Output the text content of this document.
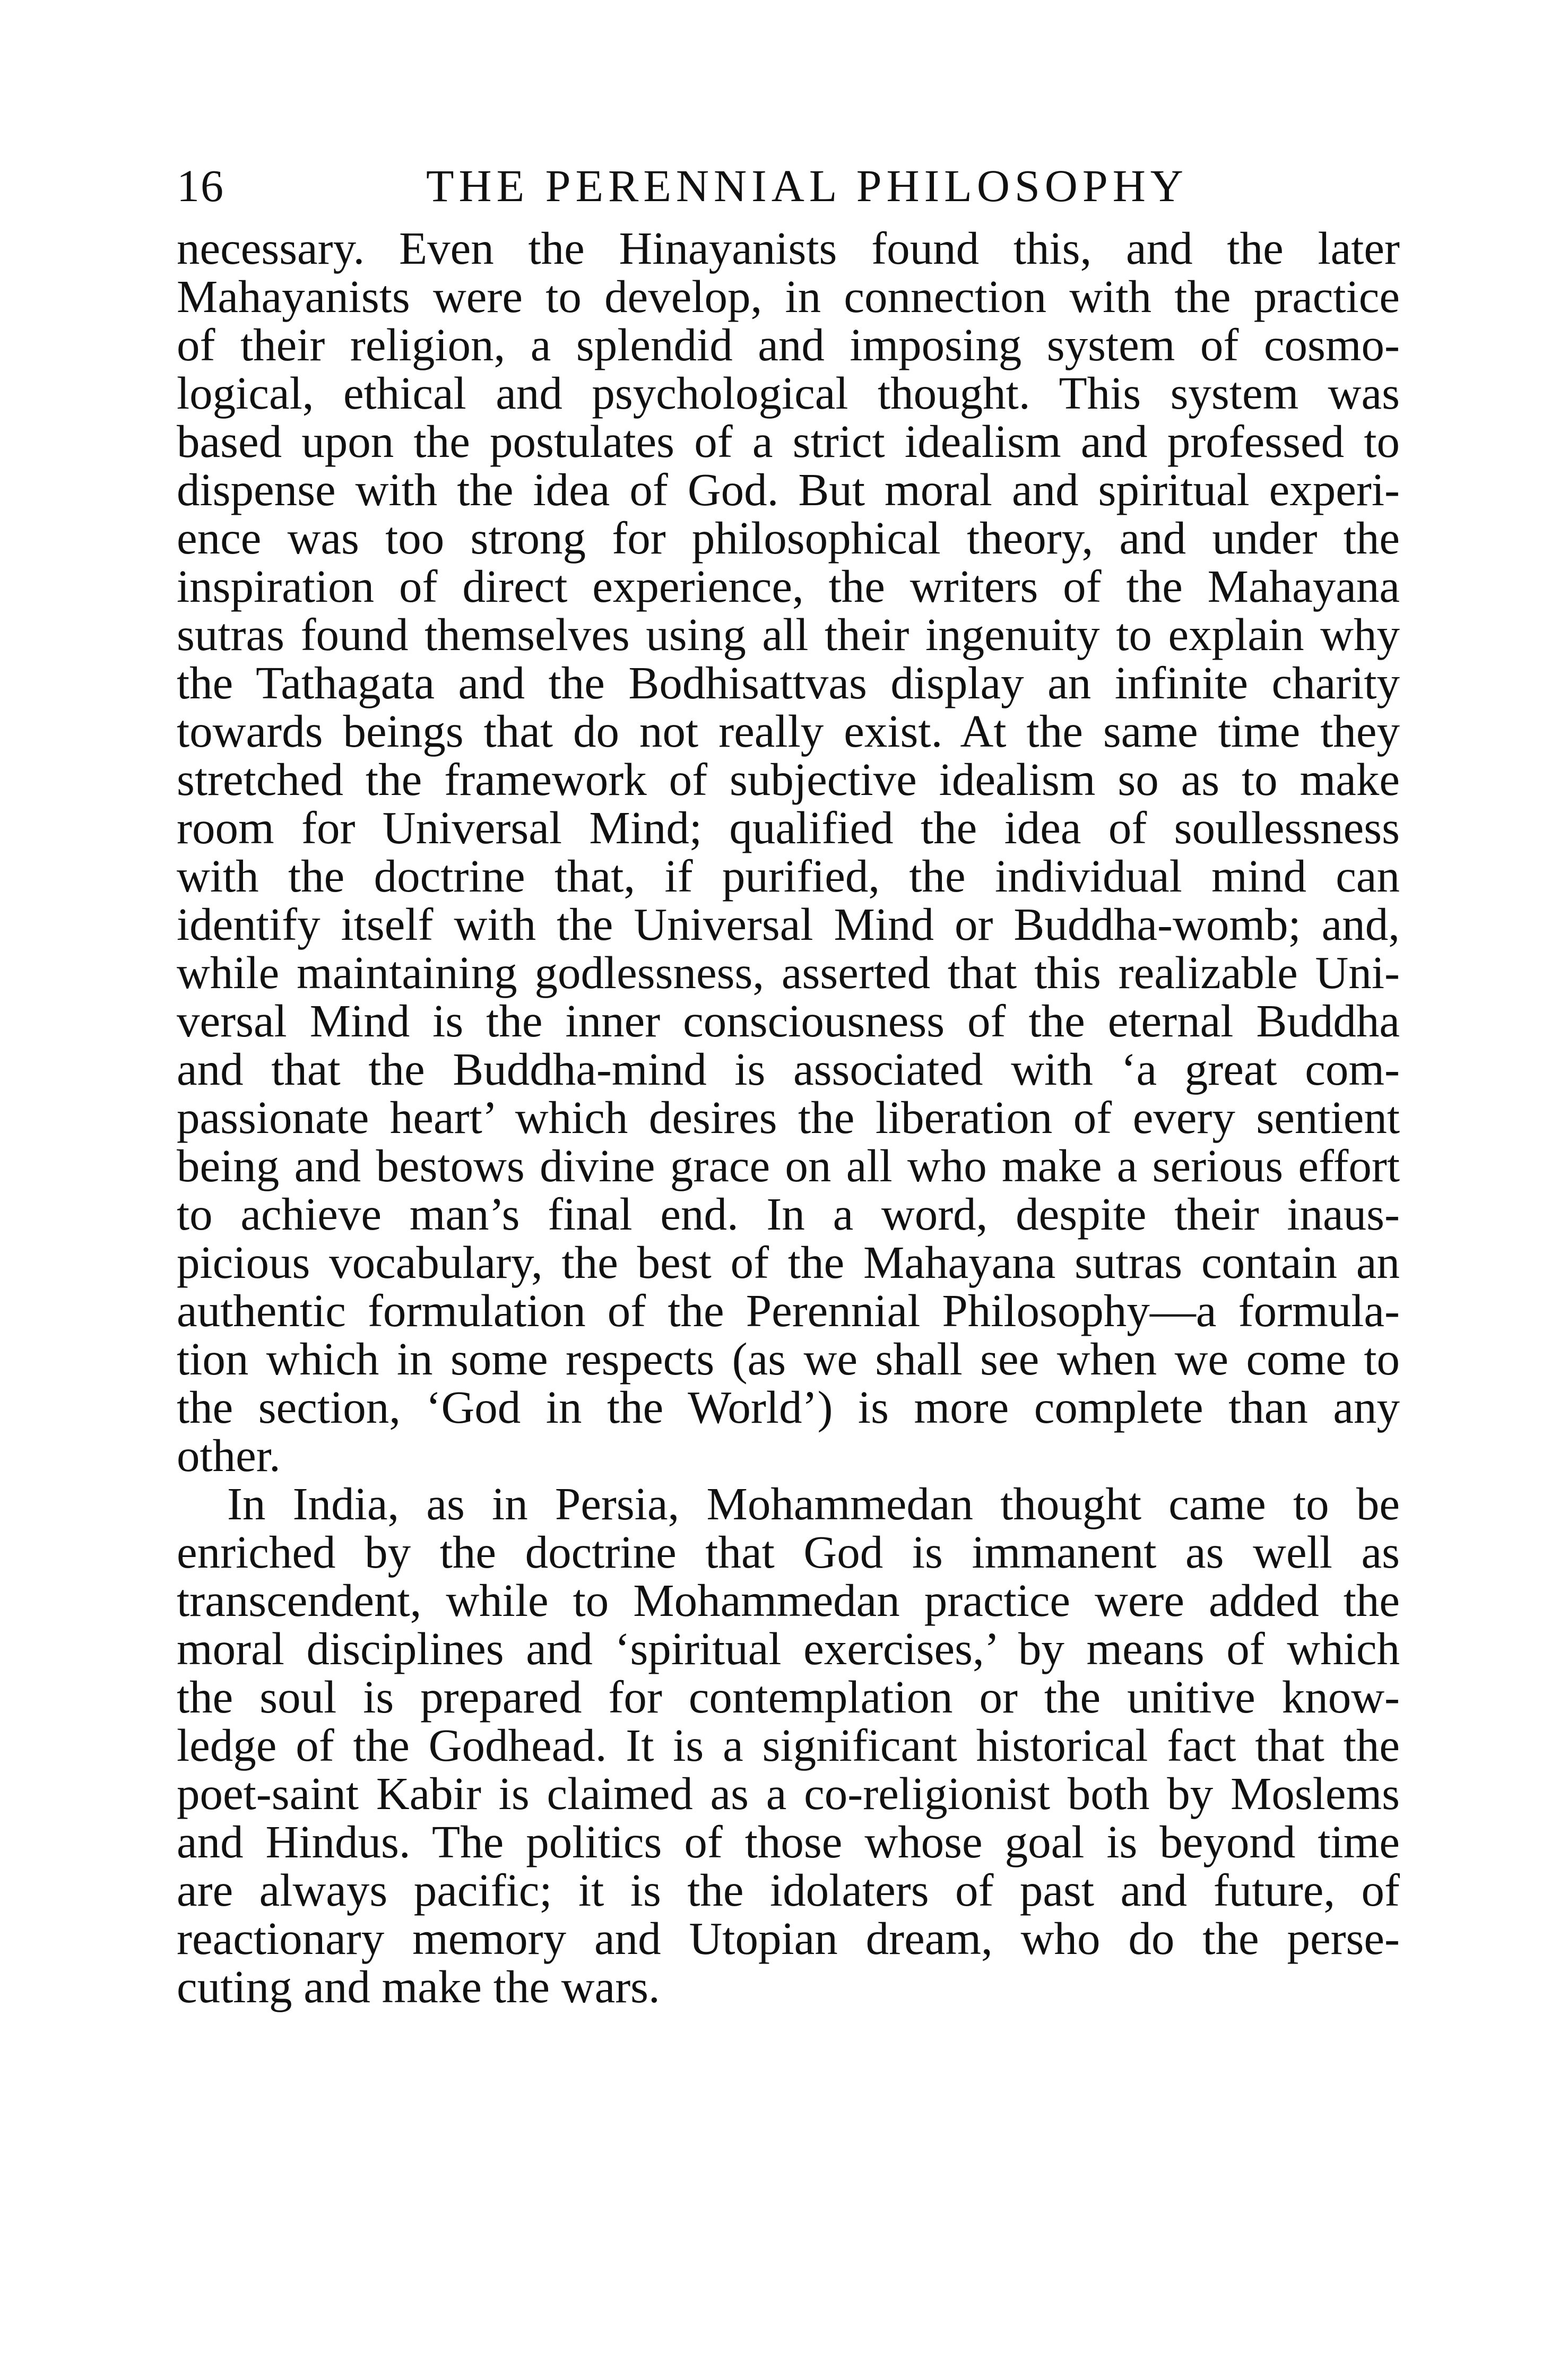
16	THE PERENNIAL PHILOSOPHY
necessary. Even the Hinayanists found this, and the later
Mahayanists were to develop, in connection with the practice
of their religion, a splendid and imposing system of cosmo-
logical, ethical and psychological thought. This system was
based upon the postulates of a strict idealism and professed to
dispense with the idea of God. But moral and spiritual experi-
ence was too strong for philosophical theory, and under the
inspiration of direct experience, the writers of the Mahayana
sutras found themselves using all their ingenuity to explain why
the Tathagata and the Bodhisattvas display an infinite charity
towards beings that do not really exist. At the same time they
stretched the framework of subjective idealism so as to make
room for Universal Mind; qualified the idea of soullessness
with the doctrine that, if purified, the individual mind can
identify itself with the Universal Mind or Buddha-womb; and,
while maintaining godlessness, asserted that this realizable Uni-
versal Mind is the inner consciousness of the eternal Buddha
and that the Buddha-mind is associated with ‘a great com-
passionate heart’ which desires the liberation of every sentient
being and bestows divine grace on all who make a serious effort
to achieve man’s final end. In a word, despite their inaus-
picious vocabulary, the best of the Mahayana sutras contain an
authentic formulation of the Perennial Philosophy—a formula-
tion which in some respects (as we shall see when we come to
the section, ‘God in the World’) is more complete than any
other.
In India, as in Persia, Mohammedan thought came to be
enriched by the doctrine that God is immanent as well as
transcendent, while to Mohammedan practice were added the
moral disciplines and ‘spiritual exercises,’ by means of which
the soul is prepared for contemplation or the unitive know-
ledge of the Godhead. It is a significant historical fact that the
poet-saint Kabir is claimed as a co-religionist both by Moslems
and Hindus. The politics of those whose goal is beyond time
are always pacific; it is the idolaters of past and future, of
reactionary memory and Utopian dream, who do the perse-
cuting and make the wars.
